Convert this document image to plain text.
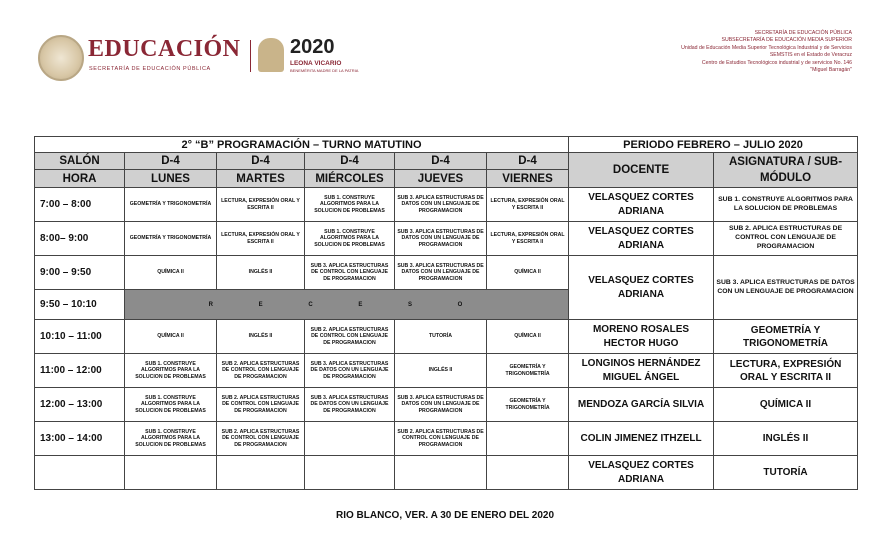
EDUCACIÓN
SECRETARÍA DE EDUCACIÓN PÚBLICA
2020
LEONA VICARIO
BENEMÉRITA MADRE DE LA PATRIA
SECRETARÍA DE EDUCACIÓN PÚBLICA
SUBSECRETARÍA DE EDUCACIÓN MEDIA SUPERIOR
Unidad de Educación Media Superior Tecnológica Industrial y de Servicios
SEMSTIS en el Estado de Veracruz
Centro de Estudios Tecnológicos industrial y de servicios No. 146
"Miguel Barragán"
2° “B” PROGRAMACIÓN – TURNO MATUTINO						PERIODO FEBRERO – JULIO 2020	
SALÓN	D-4	D-4	D-4	D-4	D-4	DOCENTE	ASIGNATURA / SUB-MÓDULO
HORA	LUNES	MARTES	MIÉRCOLES	JUEVES	VIERNES		
7:00 – 8:00	GEOMETRÍA Y TRIGONOMETRÍA	LECTURA, EXPRESIÓN ORAL Y ESCRITA II	SUB 1. CONSTRUYE ALGORITMOS PARA LA SOLUCION DE PROBLEMAS	SUB 3. APLICA ESTRUCTURAS DE DATOS CON UN LENGUAJE DE PROGRAMACION	LECTURA, EXPRESIÓN ORAL Y ESCRITA II	VELASQUEZ CORTES ADRIANA	SUB 1. CONSTRUYE ALGORITMOS PARA LA SOLUCION DE PROBLEMAS
8:00– 9:00	GEOMETRÍA Y TRIGONOMETRÍA	LECTURA, EXPRESIÓN ORAL Y ESCRITA II	SUB 1. CONSTRUYE ALGORITMOS PARA LA SOLUCION DE PROBLEMAS	SUB 3. APLICA ESTRUCTURAS DE DATOS CON UN LENGUAJE DE PROGRAMACION	LECTURA, EXPRESIÓN ORAL Y ESCRITA II	VELASQUEZ CORTES ADRIANA	SUB 2. APLICA ESTRUCTURAS DE CONTROL CON LENGUAJE DE PROGRAMACION
9:00 – 9:50	QUÍMICA II	INGLÉS II	SUB 3. APLICA ESTRUCTURAS DE CONTROL CON LENGUAJE DE PROGRAMACION	SUB 3. APLICA ESTRUCTURAS DE DATOS CON UN LENGUAJE DE PROGRAMACION	QUÍMICA II	VELASQUEZ CORTES ADRIANA	SUB 3. APLICA ESTRUCTURAS DE DATOS CON UN LENGUAJE DE PROGRAMACION
9:50 – 10:10	R E C E S O						
10:10 – 11:00	QUÍMICA II	INGLÉS II	SUB 2. APLICA ESTRUCTURAS DE CONTROL CON LENGUAJE DE PROGRAMACION	TUTORÍA	QUÍMICA II	MORENO ROSALES HECTOR HUGO	GEOMETRÍA Y TRIGONOMETRÍA
11:00 – 12:00	SUB 1. CONSTRUYE ALGORITMOS PARA LA SOLUCION DE PROBLEMAS	SUB 2. APLICA ESTRUCTURAS DE CONTROL CON LENGUAJE DE PROGRAMACION	SUB 3. APLICA ESTRUCTURAS DE DATOS CON UN LENGUAJE DE PROGRAMACION	INGLÉS II	GEOMETRÍA Y TRIGONOMETRÍA	LONGINOS HERNÁNDEZ MIGUEL ÁNGEL	LECTURA, EXPRESIÓN ORAL Y ESCRITA II
12:00 – 13:00	SUB 1. CONSTRUYE ALGORITMOS PARA LA SOLUCION DE PROBLEMAS	SUB 2. APLICA ESTRUCTURAS DE CONTROL CON LENGUAJE DE PROGRAMACION	SUB 3. APLICA ESTRUCTURAS DE DATOS CON UN LENGUAJE DE PROGRAMACION	SUB 3. APLICA ESTRUCTURAS DE DATOS CON UN LENGUAJE DE PROGRAMACION	GEOMETRÍA Y TRIGONOMETRÍA	MENDOZA GARCÍA SILVIA	QUÍMICA II
13:00 – 14:00	SUB 1. CONSTRUYE ALGORITMOS PARA LA SOLUCION DE PROBLEMAS	SUB 2. APLICA ESTRUCTURAS DE CONTROL CON LENGUAJE DE PROGRAMACION		SUB 2. APLICA ESTRUCTURAS DE CONTROL CON LENGUAJE DE PROGRAMACION		COLIN JIMENEZ ITHZELL	INGLÉS II
						VELASQUEZ CORTES ADRIANA	TUTORÍA
RIO BLANCO, VER. A 30 DE ENERO DEL 2020
